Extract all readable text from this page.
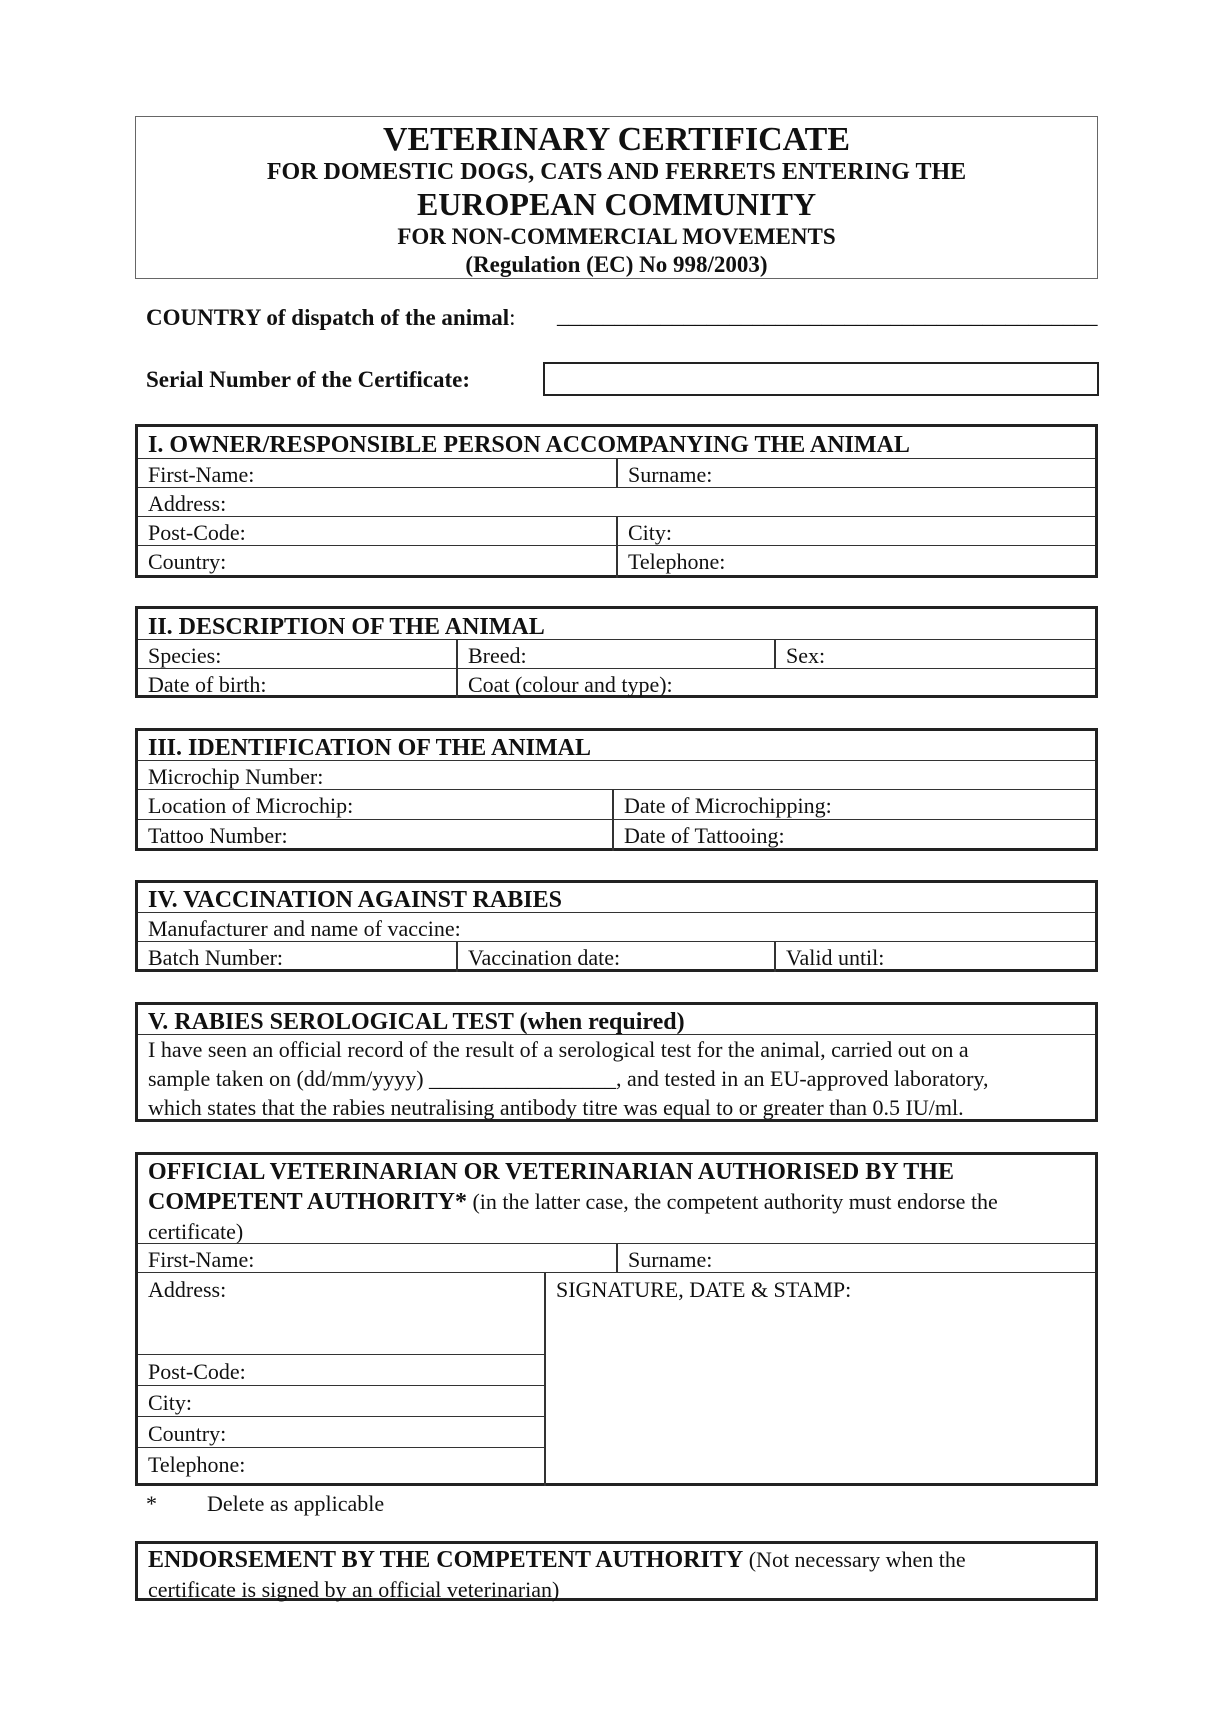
VETERINARY CERTIFICATE
FOR DOMESTIC DOGS, CATS AND FERRETS ENTERING THE
EUROPEAN COMMUNITY
FOR NON-COMMERCIAL MOVEMENTS
(Regulation (EC) No 998/2003)
COUNTRY of dispatch of the animal: _______________________________________________
Serial Number of the Certificate:
I. OWNER/RESPONSIBLE PERSON ACCOMPANYING THE ANIMAL
First-Name:	Surname:
Address:
Post-Code:	City:
Country:	Telephone:
II. DESCRIPTION OF THE ANIMAL
Species:	Breed:	Sex:
Date of birth:	Coat (colour and type):
III. IDENTIFICATION OF THE ANIMAL
Microchip Number:
Location of Microchip:	Date of Microchipping:
Tattoo Number:	Date of Tattooing:
IV. VACCINATION AGAINST RABIES
Manufacturer and name of vaccine:
Batch Number:	Vaccination date:	Valid until:
V. RABIES SEROLOGICAL TEST (when required)
I have seen an official record of the result of a serological test for the animal, carried out on a
sample taken on (dd/mm/yyyy) _________________, and tested in an EU-approved laboratory,
which states that the rabies neutralising antibody titre was equal to or greater than 0.5 IU/ml.
OFFICIAL VETERINARIAN OR VETERINARIAN AUTHORISED BY THE
COMPETENT AUTHORITY* (in the latter case, the competent authority must endorse the
certificate)
First-Name:	Surname:
Address:	SIGNATURE, DATE & STAMP:
Post-Code:
City:
Country:
Telephone:
* Delete as applicable
ENDORSEMENT BY THE COMPETENT AUTHORITY (Not necessary when the
certificate is signed by an official veterinarian)
